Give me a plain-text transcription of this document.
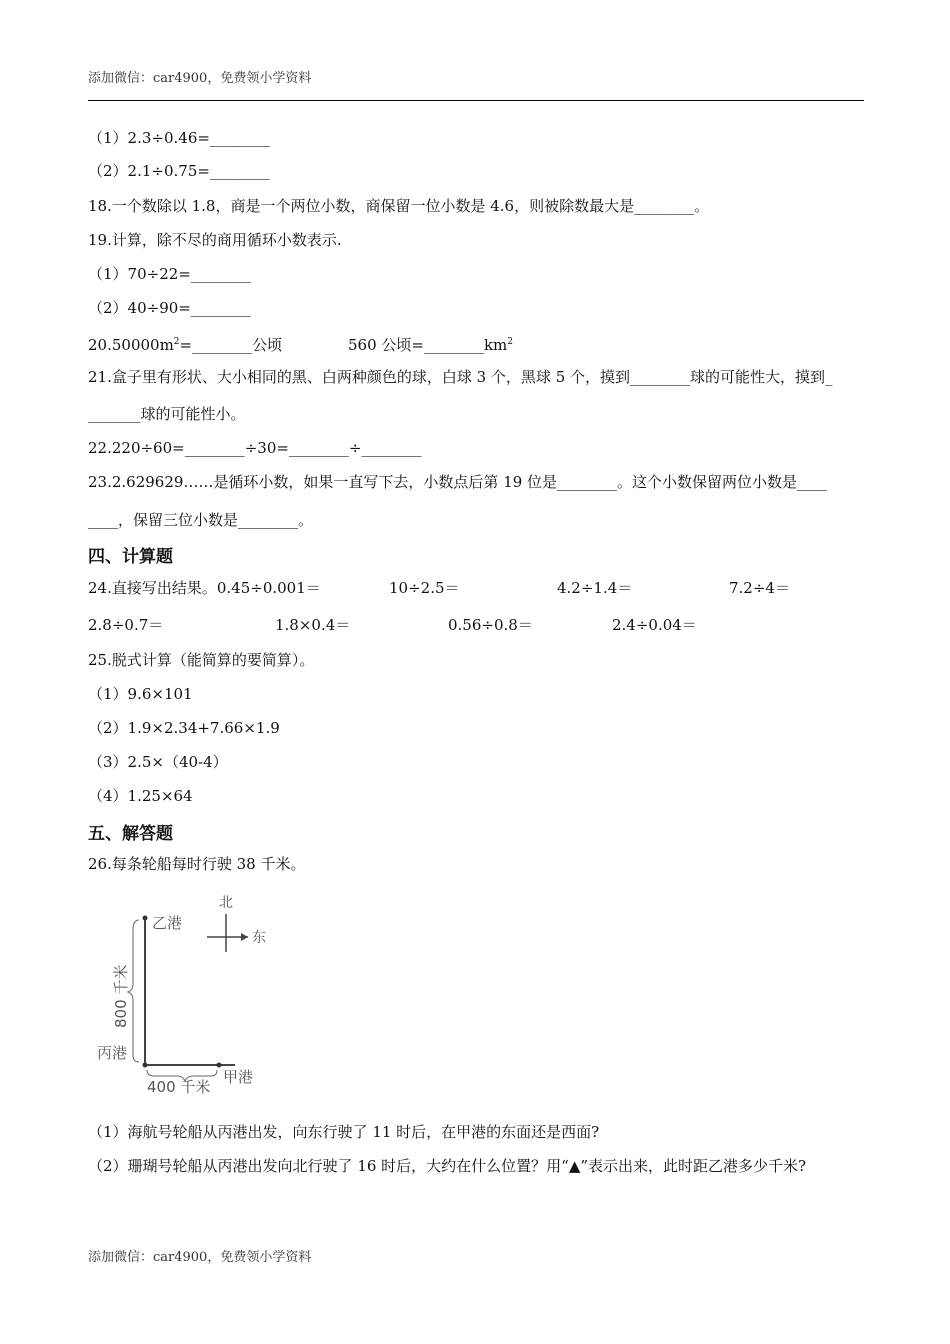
添加微信：car4900，免费领小学资料
（1）2.3÷0.46=________
（2）2.1÷0.75=________
18.一个数除以 1.8，商是一个两位小数，商保留一位小数是 4.6，则被除数最大是________。
19.计算，除不尽的商用循环小数表示.
（1）70÷22=________
（2）40÷90=________
$20.50000m^2=\_\_\_\_\_\_\_\_$公顷	560 公顷$=\_\_\_\_\_\_\_\_km^2$
21.盒子里有形状、大小相同的黑、白两种颜色的球，白球 3 个，黑球 5 个，摸到________球的可能性大，摸到_
_______球的可能性小。
22.220÷60=________÷30=________÷________
23.2.629629……是循环小数，如果一直写下去，小数点后第 19 位是________。这个小数保留两位小数是____
____，保留三位小数是________。
四、计算题
24.直接写出结果。0.45÷0.001＝	10÷2.5＝	4.2÷1.4＝	7.2÷4＝
2.8÷0.7＝	1.8×0.4＝	0.56÷0.8＝	2.4÷0.04＝
25.脱式计算（能简算的要简算）。
（1）9.6×101
（2）1.9×2.34+7.66×1.9
（3）2.5×（40-4）
（4）1.25×64
五、解答题
26.每条轮船每时行驶 38 千米。
乙港
丙港
甲港
400 千米
800 千米
北
东
（1）海航号轮船从丙港出发，向东行驶了 11 时后，在甲港的东面还是西面?
（2）珊瑚号轮船从丙港出发向北行驶了 16 时后，大约在什么位置？用“▲”表示出来，此时距乙港多少千米?
添加微信：car4900，免费领小学资料
